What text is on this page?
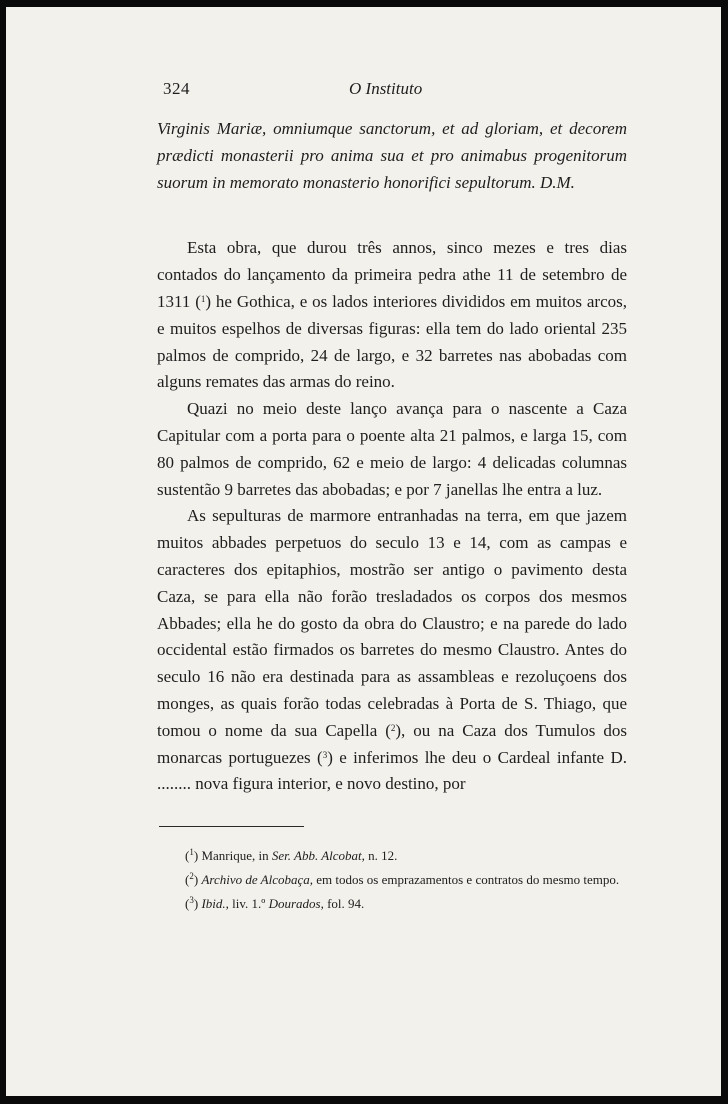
324	O Instituto

Virginis Mariæ, omniumque sanctorum, et ad gloriam, et decorem prædicti monasterii pro anima sua et pro animabus progenitorum suorum in memorato monasterio honorifici sepultorum. D.M.

Esta obra, que durou três annos, sinco mezes e tres dias contados do lançamento da primeira pedra athe 11 de setembro de 1311 ($^1$) he Gothica, e os lados interiores divididos em muitos arcos, e muitos espelhos de diversas figuras: ella tem do lado oriental 235 palmos de comprido, 24 de largo, e 32 barretes nas abobadas com alguns remates das armas do reino.

Quazi no meio deste lanço avança para o nascente a Caza Capitular com a porta para o poente alta 21 palmos, e larga 15, com 80 palmos de comprido, 62 e meio de largo: 4 delicadas columnas sustentão 9 barretes das abobadas; e por 7 janellas lhe entra a luz.

As sepulturas de marmore entranhadas na terra, em que jazem muitos abbades perpetuos do seculo 13 e 14, com as campas e caracteres dos epitaphios, mostrão ser antigo o pavimento desta Caza, se para ella não forão tresladados os corpos dos mesmos Abbades; ella he do gosto da obra do Claustro; e na parede do lado occidental estão firmados os barretes do mesmo Claustro. Antes do seculo 16 não era destinada para as assambleas e rezoluçoens dos monges, as quais forão todas celebradas à Porta de S. Thiago, que tomou o nome da sua Capella ($^2$), ou na Caza dos Tumulos dos monarcas portuguezes ($^3$) e inferimos lhe deu o Cardeal infante D. ........ nova figura interior, e novo destino, por

($^1$) Manrique, in Ser. Abb. Alcobat, n. 12.

($^2$) Archivo de Alcobaça, em todos os emprazamentos e contratos do mesmo tempo.

($^3$) Ibid., liv. 1.º Dourados, fol. 94.
